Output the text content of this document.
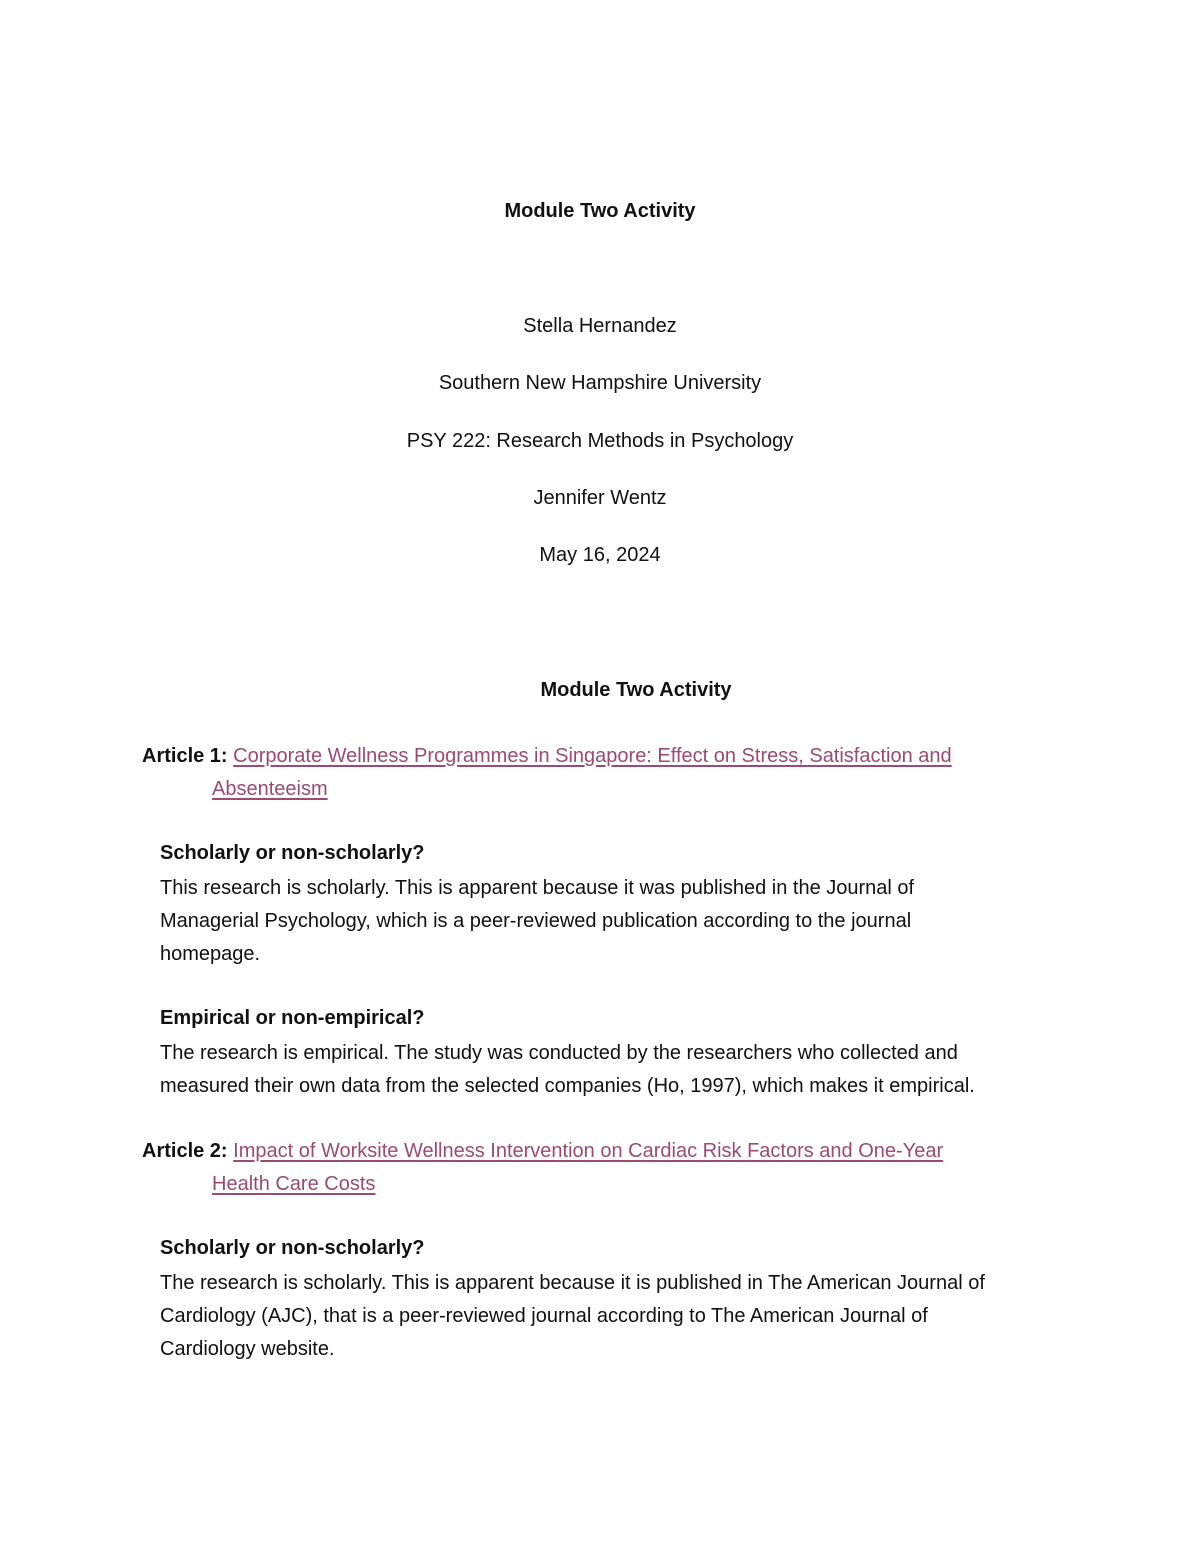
Module Two Activity
Stella Hernandez
Southern New Hampshire University
PSY 222: Research Methods in Psychology
Jennifer Wentz
May 16, 2024
Module Two Activity
Article 1: Corporate Wellness Programmes in Singapore: Effect on Stress, Satisfaction and
Absenteeism
Scholarly or non-scholarly?
This research is scholarly. This is apparent because it was published in the Journal of
Managerial Psychology, which is a peer-reviewed publication according to the journal
homepage.
Empirical or non-empirical?
The research is empirical. The study was conducted by the researchers who collected and
measured their own data from the selected companies (Ho, 1997), which makes it empirical.
Article 2: Impact of Worksite Wellness Intervention on Cardiac Risk Factors and One-Year
Health Care Costs
Scholarly or non-scholarly?
The research is scholarly. This is apparent because it is published in The American Journal of
Cardiology (AJC), that is a peer-reviewed journal according to The American Journal of
Cardiology website.
